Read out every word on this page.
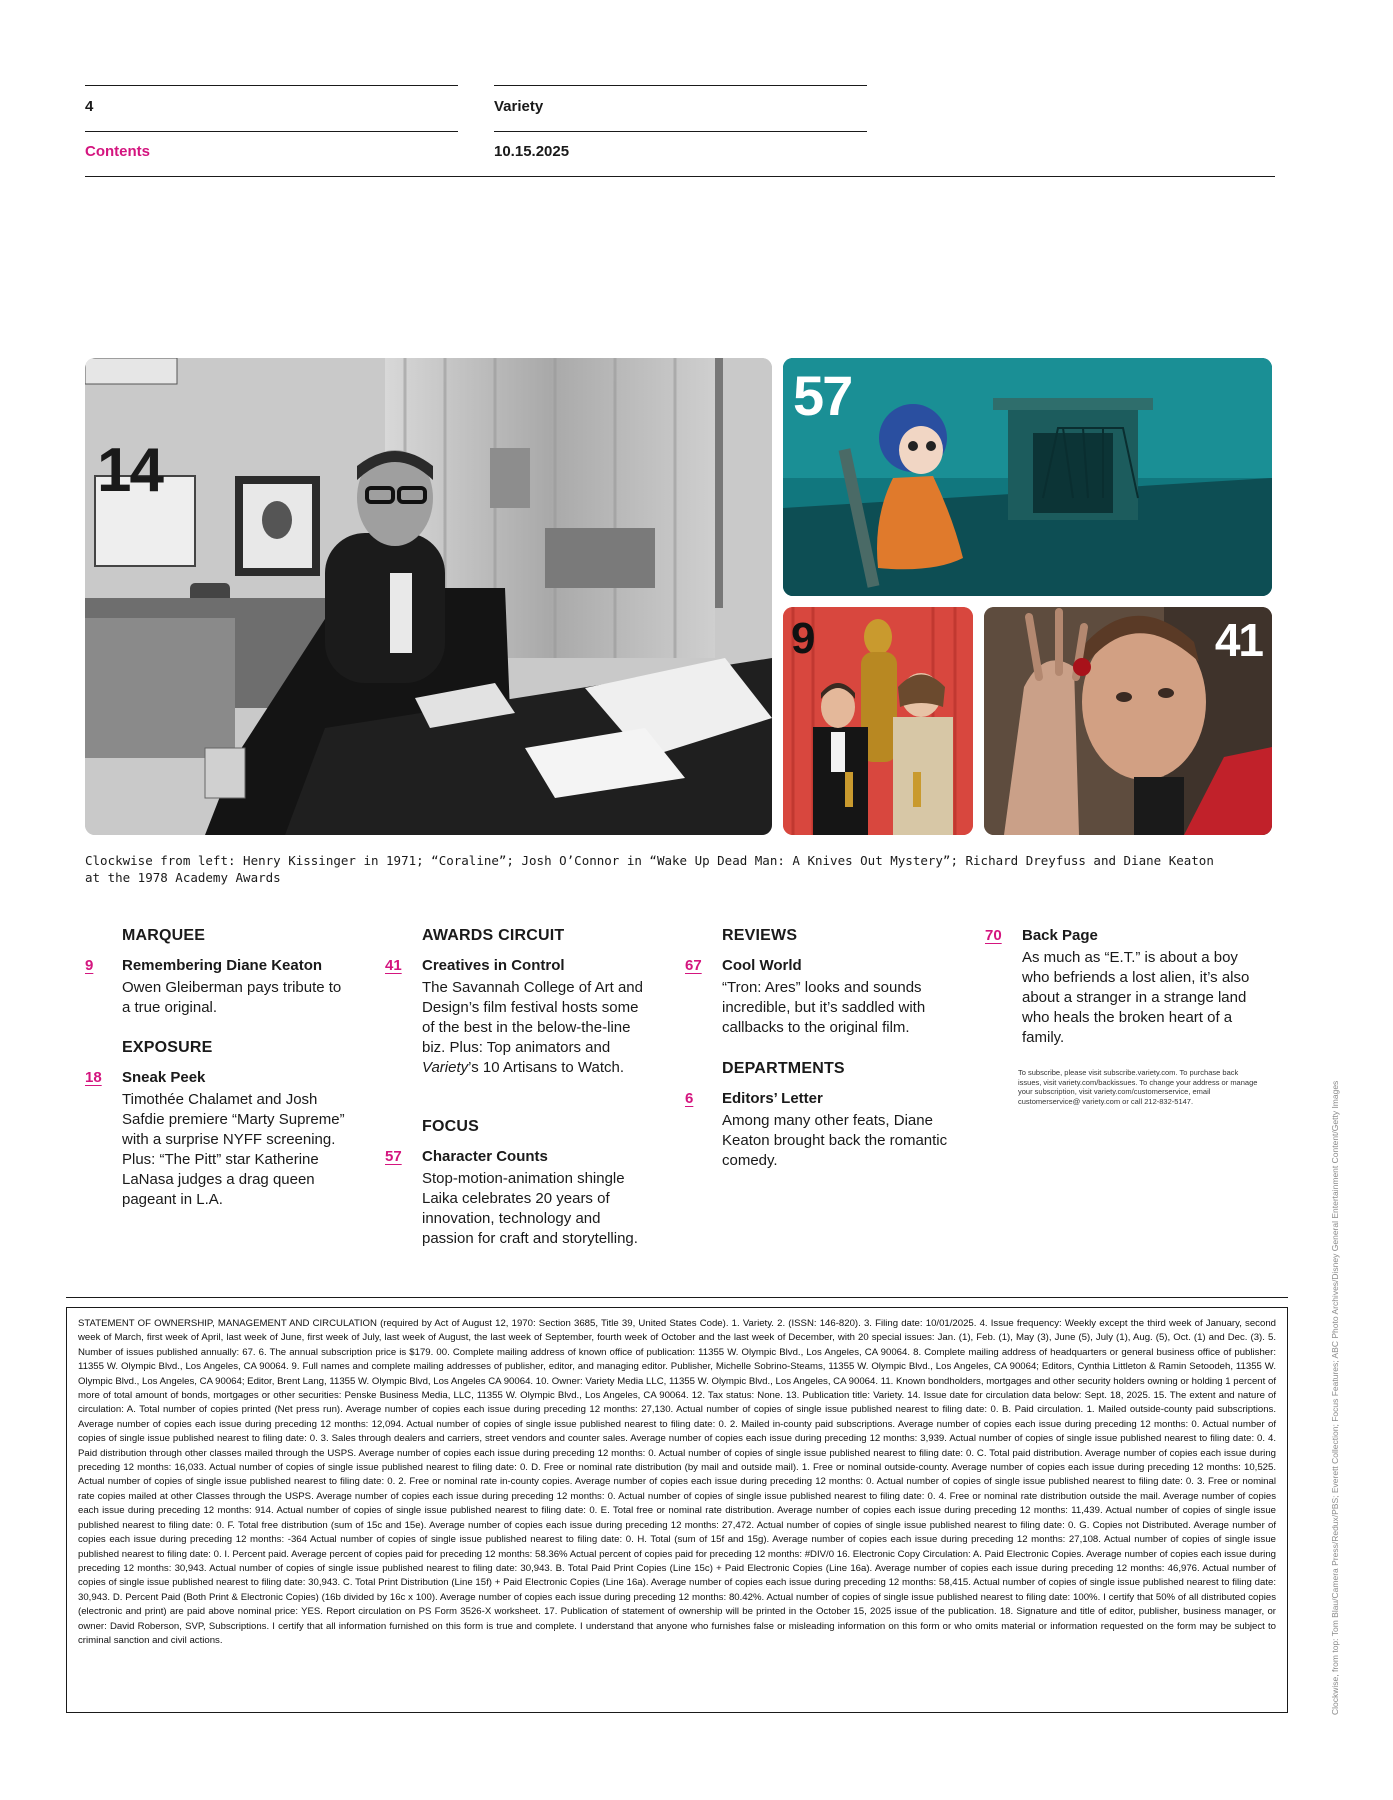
4	Variety
Contents	10.15.2025
14
57
9	41
Clockwise from left: Henry Kissinger in 1971; “Coraline”; Josh O’Connor in “Wake Up Dead Man: A Knives Out Mystery”; Richard Dreyfuss and Diane Keaton
at the 1978 Academy Awards
MARQUEE
9 Remembering Diane Keaton
Owen Gleiberman pays tribute to a true original.
EXPOSURE
18 Sneak Peek
Timothée Chalamet and Josh Safdie premiere “Marty Supreme” with a surprise NYFF screening. Plus: “The Pitt” star Katherine LaNasa judges a drag queen pageant in L.A.
AWARDS CIRCUIT
41 Creatives in Control
The Savannah College of Art and Design’s film festival hosts some of the best in the below-the-line biz. Plus: Top animators and Variety’s 10 Artisans to Watch.
FOCUS
57 Character Counts
Stop-motion-animation shingle Laika celebrates 20 years of innovation, technology and passion for craft and storytelling.
REVIEWS
67 Cool World
“Tron: Ares” looks and sounds incredible, but it’s saddled with callbacks to the original film.
DEPARTMENTS
6 Editors’ Letter
Among many other feats, Diane Keaton brought back the romantic comedy.
70 Back Page
As much as “E.T.” is about a boy who befriends a lost alien, it’s also about a stranger in a strange land who heals the broken heart of a family.
To subscribe, please visit subscribe.variety.com. To purchase back issues, visit variety.com/backissues. To change your address or manage your subscription, visit variety.com/customerservice, email customerservice@ variety.com or call 212-832-5147.	Clockwise, from top: Tom Blau/Camera Press/Redux/PBS; Everett Collection; Focus Features; ABC Photo Archives/Disney General Entertainment Content/Getty Images
STATEMENT OF OWNERSHIP, MANAGEMENT AND CIRCULATION (required by Act of August 12, 1970: Section 3685, Title 39, United States Code). 1. Variety. 2. (ISSN: 146-820). 3. Filing date: 10/01/2025. 4. Issue frequency: Weekly except the third week of January, second week of March, first week of April, last week of June, first week of July, last week of August, the last week of September, fourth week of October and the last week of December, with 20 special issues: Jan. (1), Feb. (1), May (3), June (5), July (1), Aug. (5), Oct. (1) and Dec. (3). 5. Number of issues published annually: 67. 6. The annual subscription price is $179. 00. Complete mailing address of known office of publication: 11355 W. Olympic Blvd., Los Angeles, CA 90064. 8. Complete mailing address of headquarters or general business office of publisher: 11355 W. Olympic Blvd., Los Angeles, CA 90064. 9. Full names and complete mailing addresses of publisher, editor, and managing editor. Publisher, Michelle Sobrino-Steams, 11355 W. Olympic Blvd., Los Angeles, CA 90064; Editors, Cynthia Littleton & Ramin Setoodeh, 11355 W. Olympic Blvd., Los Angeles, CA 90064; Editor, Brent Lang, 11355 W. Olympic Blvd, Los Angeles CA 90064. 10. Owner: Variety Media LLC, 11355 W. Olympic Blvd., Los Angeles, CA 90064. 11. Known bondholders, mortgages and other security holders owning or holding 1 percent of more of total amount of bonds, mortgages or other securities: Penske Business Media, LLC, 11355 W. Olympic Blvd., Los Angeles, CA 90064. 12. Tax status: None. 13. Publication title: Variety. 14. Issue date for circulation data below: Sept. 18, 2025. 15. The extent and nature of circulation: A. Total number of copies printed (Net press run). Average number of copies each issue during preceding 12 months: 27,130. Actual number of copies of single issue published nearest to filing date: 0. B. Paid circulation. 1. Mailed outside-county paid subscriptions. Average number of copies each issue during preceding 12 months: 12,094. Actual number of copies of single issue published nearest to filing date: 0. 2. Mailed in-county paid subscriptions. Average number of copies each issue during preceding 12 months: 0. Actual number of copies of single issue published nearest to filing date: 0. 3. Sales through dealers and carriers, street vendors and counter sales. Average number of copies each issue during preceding 12 months: 3,939. Actual number of copies of single issue published nearest to filing date: 0. 4. Paid distribution through other classes mailed through the USPS. Average number of copies each issue during preceding 12 months: 0. Actual number of copies of single issue published nearest to filing date: 0. C. Total paid distribution. Average number of copies each issue during preceding 12 months: 16,033. Actual number of copies of single issue published nearest to filing date: 0. D. Free or nominal rate distribution (by mail and outside mail). 1. Free or nominal outside-county. Average number of copies each issue during preceding 12 months: 10,525. Actual number of copies of single issue published nearest to filing date: 0. 2. Free or nominal rate in-county copies. Average number of copies each issue during preceding 12 months: 0. Actual number of copies of single issue published nearest to filing date: 0. 3. Free or nominal rate copies mailed at other Classes through the USPS. Average number of copies each issue during preceding 12 months: 0. Actual number of copies of single issue published nearest to filing date: 0. 4. Free or nominal rate distribution outside the mail. Average number of copies each issue during preceding 12 months: 914. Actual number of copies of single issue published nearest to filing date: 0. E. Total free or nominal rate distribution. Average number of copies each issue during preceding 12 months: 11,439. Actual number of copies of single issue published nearest to filing date: 0. F. Total free distribution (sum of 15c and 15e). Average number of copies each issue during preceding 12 months: 27,472. Actual number of copies of single issue published nearest to filing date: 0. G. Copies not Distributed. Average number of copies each issue during preceding 12 months: -364 Actual number of copies of single issue published nearest to filing date: 0. H. Total (sum of 15f and 15g). Average number of copies each issue during preceding 12 months: 27,108. Actual number of copies of single issue published nearest to filing date: 0. I. Percent paid. Average percent of copies paid for preceding 12 months: 58.36% Actual percent of copies paid for preceding 12 months: #DIV/0 16. Electronic Copy Circulation: A. Paid Electronic Copies. Average number of copies each issue during preceding 12 months: 30,943. Actual number of copies of single issue published nearest to filing date: 30,943. B. Total Paid Print Copies (Line 15c) + Paid Electronic Copies (Line 16a). Average number of copies each issue during preceding 12 months: 46,976. Actual number of copies of single issue published nearest to filing date: 30,943. C. Total Print Distribution (Line 15f) + Paid Electronic Copies (Line 16a). Average number of copies each issue during preceding 12 months: 58,415. Actual number of copies of single issue published nearest to filing date: 30,943. D. Percent Paid (Both Print & Electronic Copies) (16b divided by 16c x 100). Average number of copies each issue during preceding 12 months: 80.42%. Actual number of copies of single issue published nearest to filing date: 100%. I certify that 50% of all distributed copies (electronic and print) are paid above nominal price: YES. Report circulation on PS Form 3526-X worksheet. 17. Publication of statement of ownership will be printed in the October 15, 2025 issue of the publication. 18. Signature and title of editor, publisher, business manager, or owner: David Roberson, SVP, Subscriptions. I certify that all information furnished on this form is true and complete. I understand that anyone who furnishes false or misleading information on this form or who omits material or information requested on the form may be subject to criminal sanction and civil actions.
